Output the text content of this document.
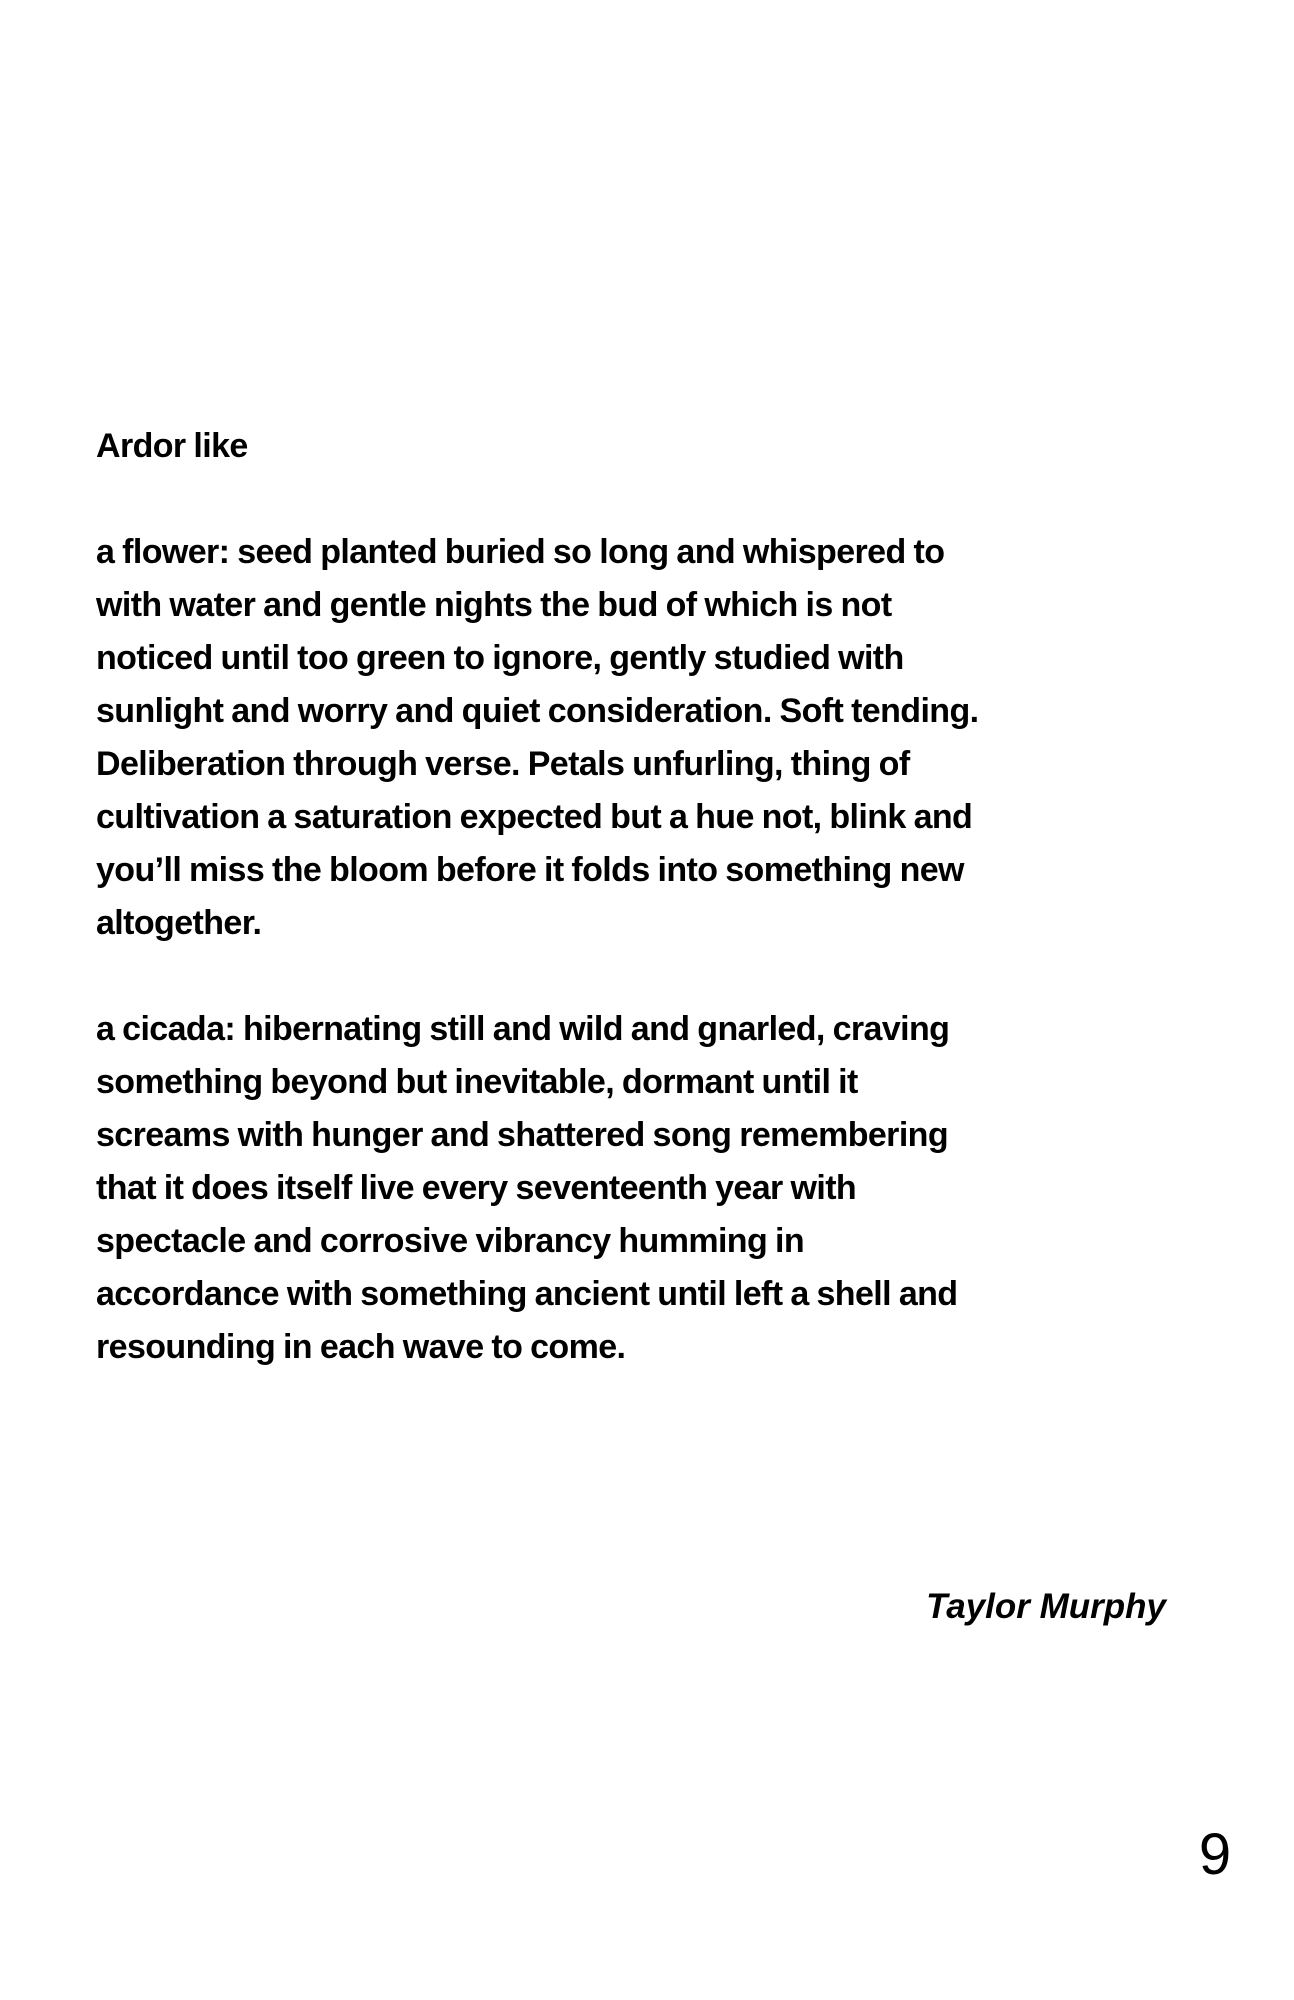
Ardor like
a flower: seed planted buried so long and whispered to
with water and gentle nights the bud of which is not
noticed until too green to ignore, gently studied with
sunlight and worry and quiet consideration. Soft tending.
Deliberation through verse. Petals unfurling, thing of
cultivation a saturation expected but a hue not, blink and
you’ll miss the bloom before it folds into something new
altogether.
a cicada: hibernating still and wild and gnarled, craving
something beyond but inevitable, dormant until it
screams with hunger and shattered song remembering
that it does itself live every seventeenth year with
spectacle and corrosive vibrancy humming in
accordance with something ancient until left a shell and
resounding in each wave to come.
Taylor Murphy
9
